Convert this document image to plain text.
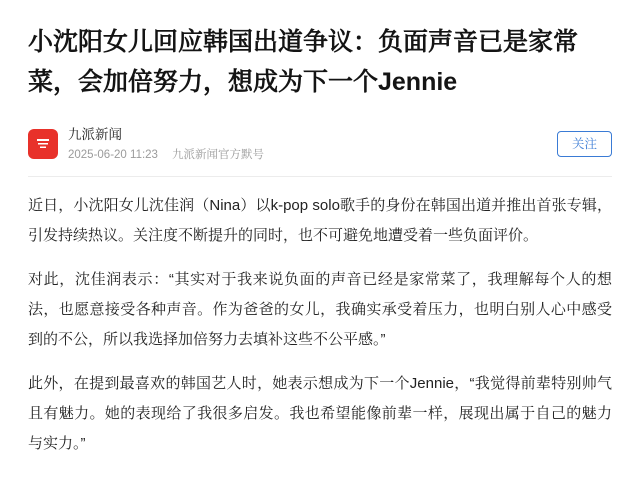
小沈阳女儿回应韩国出道争议：负面声音已是家常菜，会加倍努力，想成为下一个Jennie
九派新闻
2025-06-20 11:23 九派新闻官方默号
关注

近日，小沈阳女儿沈佳润（Nina）以k-pop solo歌手的身份在韩国出道并推出首张专辑，引发持续热议。关注度不断提升的同时，也不可避免地遭受着一些负面评价。

对此，沈佳润表示：“其实对于我来说负面的声音已经是家常菜了，我理解每个人的想法，也愿意接受各种声音。作为爸爸的女儿，我确实承受着压力，也明白别人心中感受到的不公，所以我选择加倍努力去填补这些不公平感。”

此外，在提到最喜欢的韩国艺人时，她表示想成为下一个Jennie，“我觉得前辈特别帅气且有魅力。她的表现给了我很多启发。我也希望能像前辈一样，展现出属于自己的魅力与实力。”
